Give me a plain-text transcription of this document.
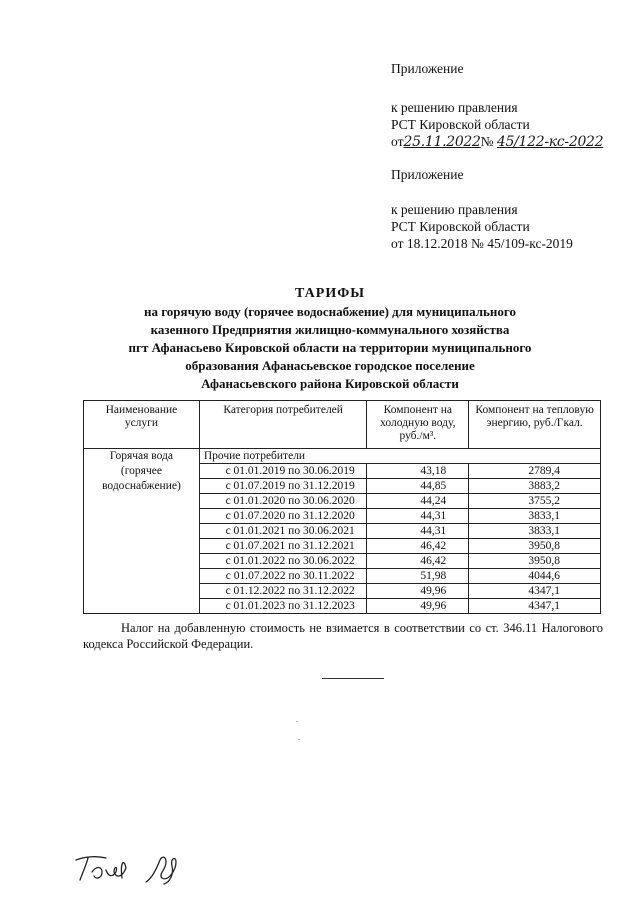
Приложение
к решению правления
РСТ Кировской области
от25.11.2022№ 45/122-кс-2022
Приложение
к решению правления
РСТ Кировской области
от 18.12.2018 № 45/109-кс-2019
ТАРИФЫ
на горячую воду (горячее водоснабжение) для муниципального
казенного Предприятия жилищно-коммунального хозяйства
пгт Афанасьево Кировской области на территории муниципального
образования Афанасьевское городское поселение
Афанасьевского района Кировской области
Наименование услуги	Категория потребителей	Компонент на холодную воду, руб./м³.	Компонент на тепловую энергию, руб./Гкал.
Горячая вода (горячее водоснабжение)	Прочие потребители		
	с 01.01.2019 по 30.06.2019	43,18	2789,4
	с 01.07.2019 по 31.12.2019	44,85	3883,2
	с 01.01.2020 по 30.06.2020	44,24	3755,2
	с 01.07.2020 по 31.12.2020	44,31	3833,1
	с 01.01.2021 по 30.06.2021	44,31	3833,1
	с 01.07.2021 по 31.12.2021	46,42	3950,8
	с 01.01.2022 по 30.06.2022	46,42	3950,8
	с 01.07.2022 по 30.11.2022	51,98	4044,6
	с 01.12.2022 по 31.12.2022	49,96	4347,1
	с 01.01.2023 по 31.12.2023	49,96	4347,1
Налог на добавленную стоимость не взимается в соответствии со ст. 346.11 Налогового кодекса Российской Федерации.
.
.
